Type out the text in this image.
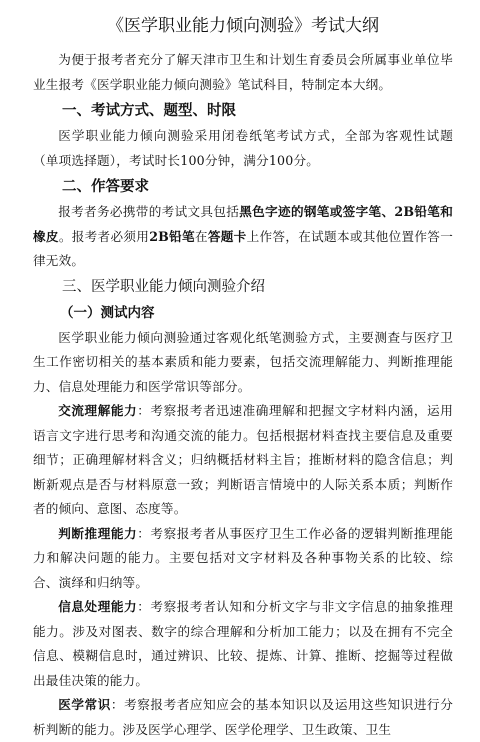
《医学职业能力倾向测验》考试大纲

为便于报考者充分了解天津市卫生和计划生育委员会所属事业单位毕业生报考《医学职业能力倾向测验》笔试科目，特制定本大纲。

一、考试方式、题型、时限

医学职业能力倾向测验采用闭卷纸笔考试方式，全部为客观性试题（单项选择题），考试时长100分钟，满分100分。

二、作答要求

报考者务必携带的考试文具包括黑色字迹的钢笔或签字笔、2B铅笔和橡皮。报考者必须用2B铅笔在答题卡上作答，在试题本或其他位置作答一律无效。

三、医学职业能力倾向测验介绍

（一）测试内容

医学职业能力倾向测验通过客观化纸笔测验方式，主要测查与医疗卫生工作密切相关的基本素质和能力要素，包括交流理解能力、判断推理能力、信息处理能力和医学常识等部分。

交流理解能力：考察报考者迅速准确理解和把握文字材料内涵，运用语言文字进行思考和沟通交流的能力。包括根据材料查找主要信息及重要细节；正确理解材料含义；归纳概括材料主旨；推断材料的隐含信息；判断新观点是否与材料原意一致；判断语言情境中的人际关系本质；判断作者的倾向、意图、态度等。

判断推理能力：考察报考者从事医疗卫生工作必备的逻辑判断推理能力和解决问题的能力。主要包括对文字材料及各种事物关系的比较、综合、演绎和归纳等。

信息处理能力：考察报考者认知和分析文字与非文字信息的抽象推理能力。涉及对图表、数字的综合理解和分析加工能力；以及在拥有不完全信息、模糊信息时，通过辨识、比较、提炼、计算、推断、挖掘等过程做出最佳决策的能力。

医学常识：考察报考者应知应会的基本知识以及运用这些知识进行分析判断的能力。涉及医学心理学、医学伦理学、卫生政策、卫生
